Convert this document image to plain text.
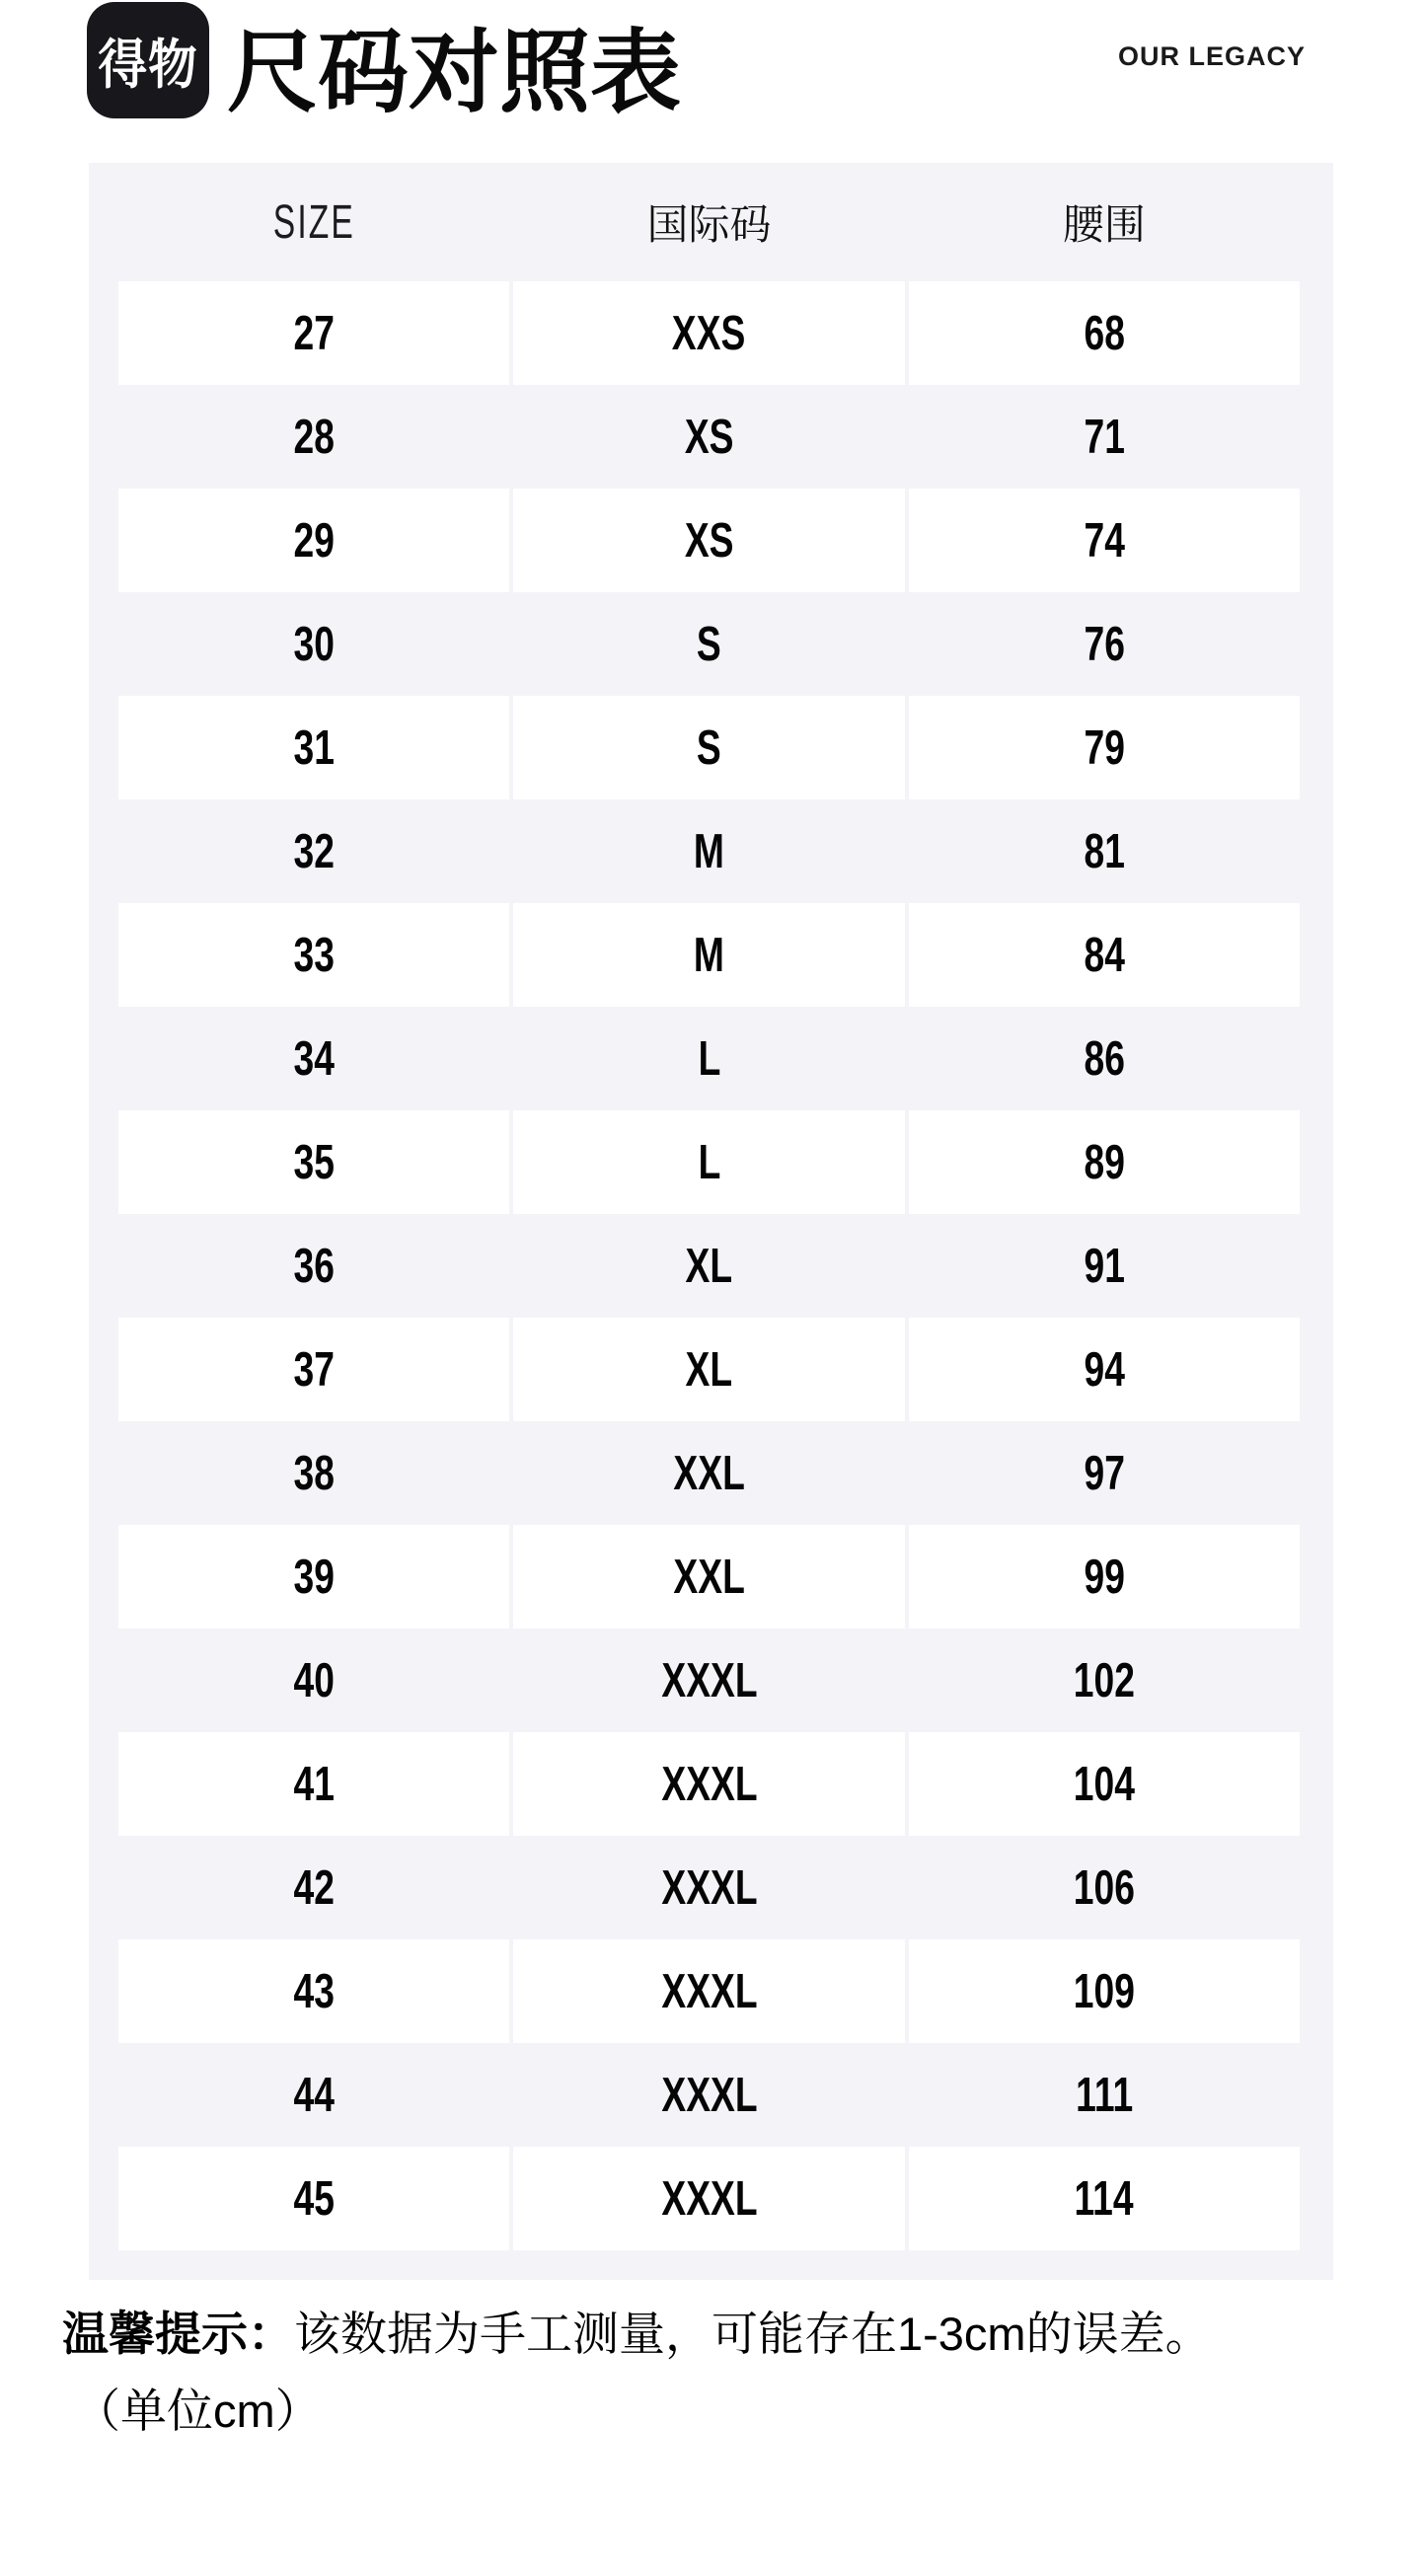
得物 尺码对照表	OUR LEGACY
SIZE	国际码	腰围
27	XXS	68
28	XS	71
29	XS	74
30	S	76
31	S	79
32	M	81
33	M	84
34	L	86
35	L	89
36	XL	91
37	XL	94
38	XXL	97
39	XXL	99
40	XXXL	102
41	XXXL	104
42	XXXL	106
43	XXXL	109
44	XXXL	111
45	XXXL	114
温馨提示：该数据为手工测量，可能存在1-3cm的误差。
（单位cm）
